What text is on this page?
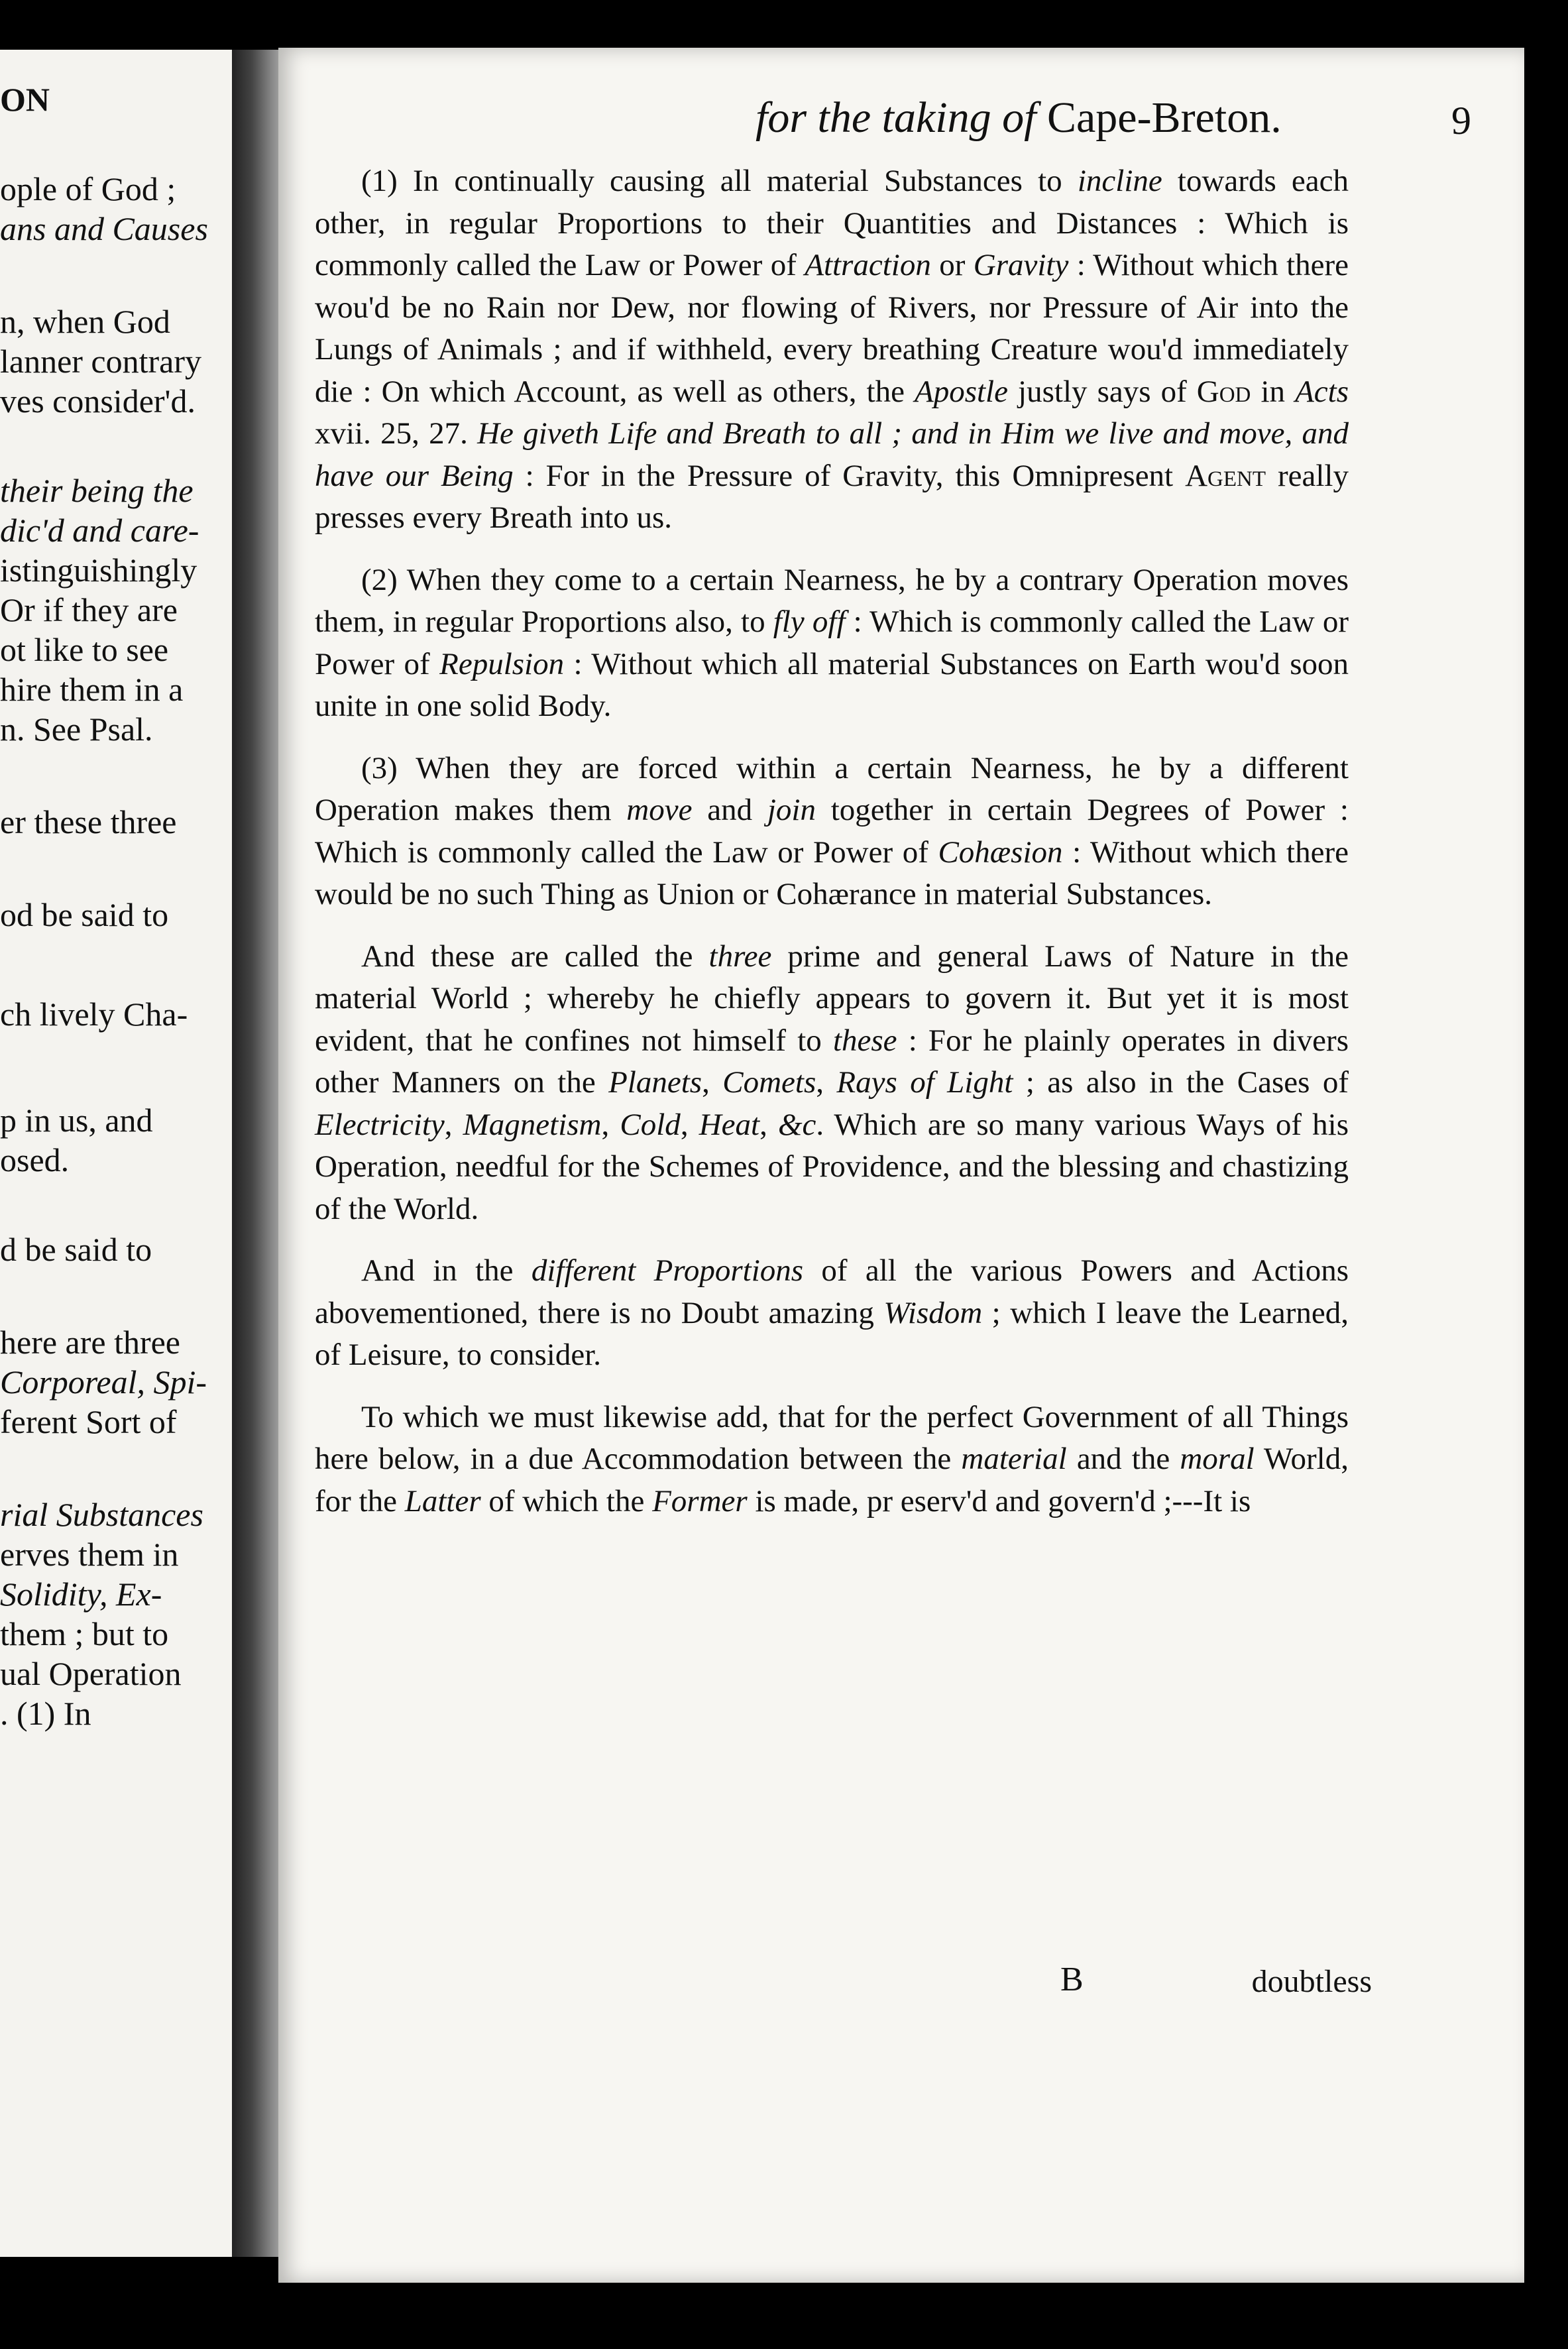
ON
ople of God ;
ans and Causes
n, when God
lanner contrary
ves consider'd.
their being the
dic'd and care-
istinguishingly
Or if they are
ot like to see
hire them in a
n. See Psal.
er these three
od be said to
ch lively Cha-
p in us, and
osed.
d be said to
here are three
Corporeal, Spi-
ferent Sort of
rial Substances
erves them in
Solidity, Ex-
them ; but to
ual Operation
. (1) In
for the taking of Cape-Breton.	9

(1) In continually causing all material Substances to incline towards each other, in regular Proportions to their Quantities and Distances : Which is commonly called the Law or Power of Attraction or Gravity : Without which there wou'd be no Rain nor Dew, nor flowing of Rivers, nor Pressure of Air into the Lungs of Animals ; and if withheld, every breathing Creature wou'd immediately die : On which Account, as well as others, the Apostle justly says of God in Acts xvii. 25, 27. He giveth Life and Breath to all ; and in Him we live and move, and have our Being : For in the Pressure of Gravity, this Omnipresent Agent really presses every Breath into us.

(2) When they come to a certain Nearness, he by a contrary Operation moves them, in regular Proportions also, to fly off : Which is commonly called the Law or Power of Repulsion : Without which all material Substances on Earth wou'd soon unite in one solid Body.

(3) When they are forced within a certain Nearness, he by a different Operation makes them move and join together in certain Degrees of Power : Which is commonly called the Law or Power of Cohæsion : Without which there would be no such Thing as Union or Cohærance in material Substances.

And these are called the three prime and general Laws of Nature in the material World ; whereby he chiefly appears to govern it. But yet it is most evident, that he confines not himself to these : For he plainly operates in divers other Manners on the Planets, Comets, Rays of Light ; as also in the Cases of Electricity, Magnetism, Cold, Heat, &c. Which are so many various Ways of his Operation, needful for the Schemes of Providence, and the blessing and chastizing of the World.

And in the different Proportions of all the various Powers and Actions abovementioned, there is no Doubt amazing Wisdom ; which I leave the Learned, of Leisure, to consider.

To which we must likewise add, that for the perfect Government of all Things here below, in a due Accommodation between the material and the moral World, for the Latter of which the Former is made, pr eserv'd and govern'd ;---It is

B	doubtless
